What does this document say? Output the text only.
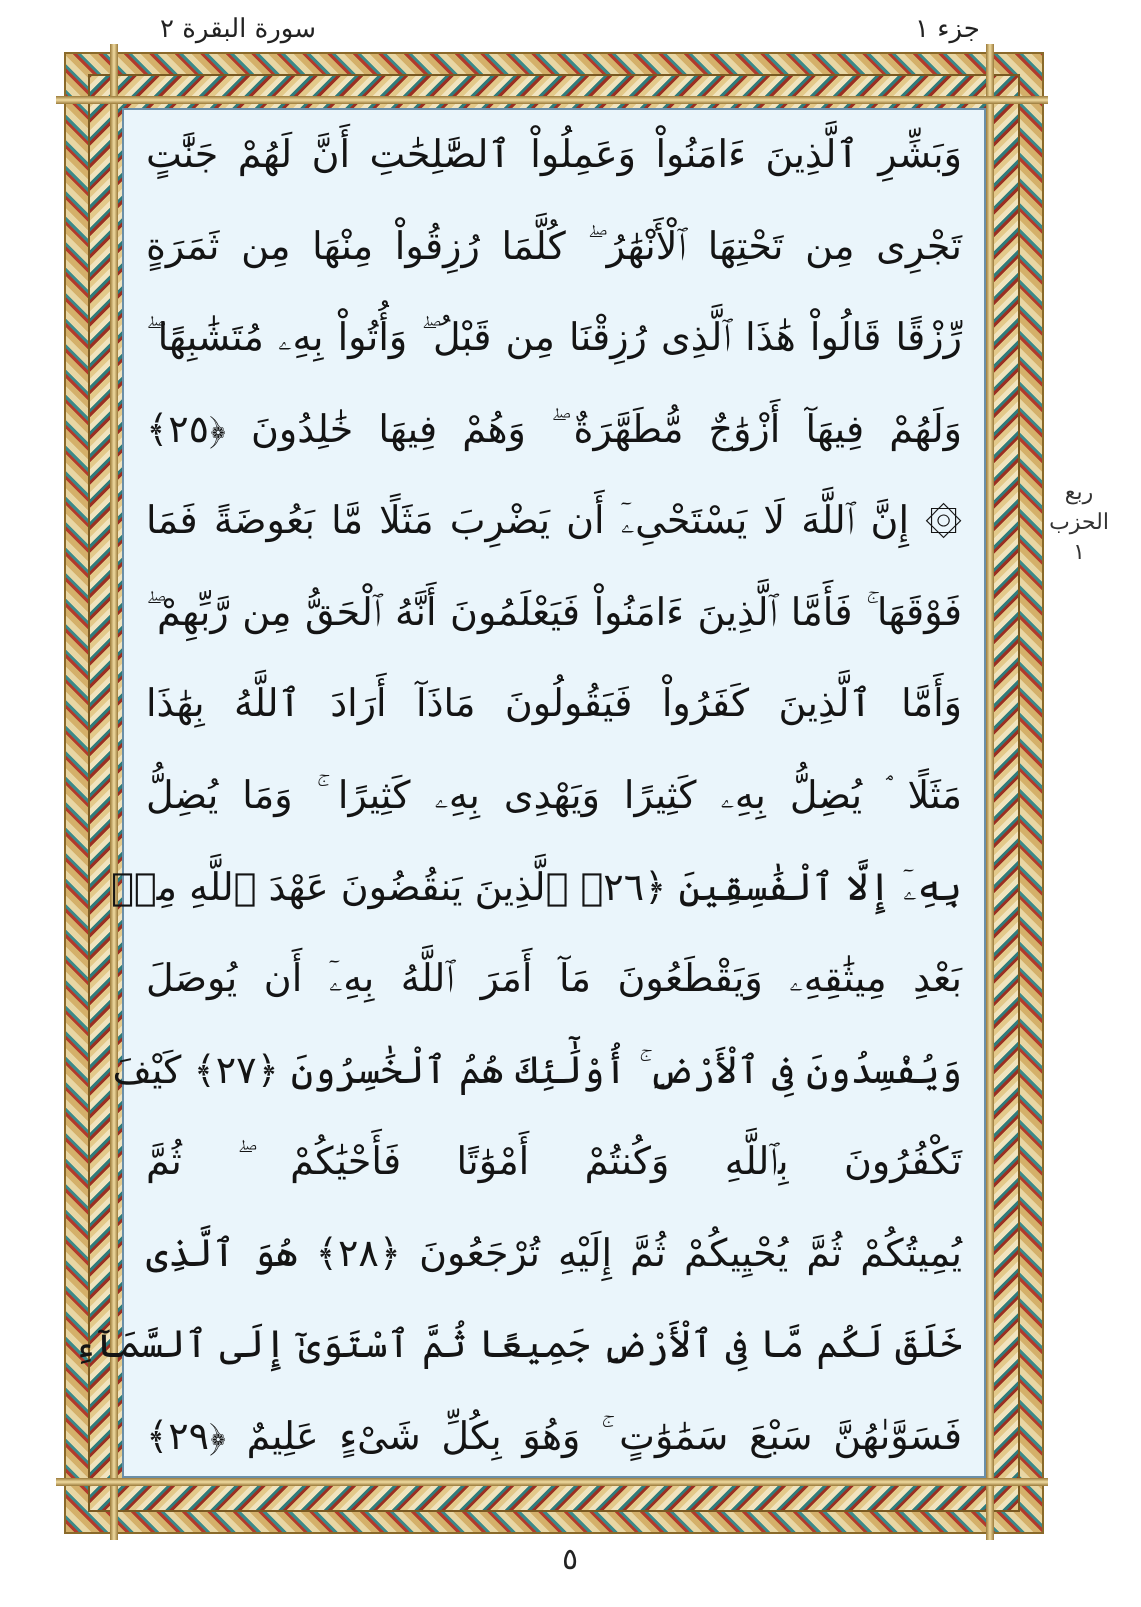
سورة البقرة ٢	جزء ١
وَبَشِّرِ ٱلَّذِينَ ءَامَنُواْ وَعَمِلُواْ ٱلصَّٰلِحَٰتِ أَنَّ لَهُمْ جَنَّٰتٍ
تَجْرِى مِن تَحْتِهَا ٱلْأَنْهَٰرُ ۖ كُلَّمَا رُزِقُواْ مِنْهَا مِن ثَمَرَةٍ
رِّزْقًا قَالُواْ هَٰذَا ٱلَّذِى رُزِقْنَا مِن قَبْلُ ۖ وَأُتُواْ بِهِۦ مُتَشَٰبِهًا ۖ
وَلَهُمْ فِيهَآ أَزْوَٰجٌ مُّطَهَّرَةٌ ۖ وَهُمْ فِيهَا خَٰلِدُونَ ﴿٢٥﴾
۞ إِنَّ ٱللَّهَ لَا يَسْتَحْىِۦٓ أَن يَضْرِبَ مَثَلًا مَّا بَعُوضَةً فَمَا
فَوْقَهَا ۚ فَأَمَّا ٱلَّذِينَ ءَامَنُواْ فَيَعْلَمُونَ أَنَّهُ ٱلْحَقُّ مِن رَّبِّهِمْ ۖ
وَأَمَّا ٱلَّذِينَ كَفَرُواْ فَيَقُولُونَ مَاذَآ أَرَادَ ٱللَّهُ بِهَٰذَا
مَثَلًا ۘ يُضِلُّ بِهِۦ كَثِيرًا وَيَهْدِى بِهِۦ كَثِيرًا ۚ وَمَا يُضِلُّ
بِهِۦٓ إِلَّا ٱلْفَٰسِقِينَ ﴿٢٦﴾ ٱلَّذِينَ يَنقُضُونَ عَهْدَ ٱللَّهِ مِنۢ
بَعْدِ مِيثَٰقِهِۦ وَيَقْطَعُونَ مَآ أَمَرَ ٱللَّهُ بِهِۦٓ أَن يُوصَلَ
وَيُفْسِدُونَ فِى ٱلْأَرْضِ ۚ أُوْلَٰٓئِكَ هُمُ ٱلْخَٰسِرُونَ ﴿٢٧﴾ كَيْفَ
تَكْفُرُونَ بِٱللَّهِ وَكُنتُمْ أَمْوَٰتًا فَأَحْيَٰكُمْ ۖ ثُمَّ
يُمِيتُكُمْ ثُمَّ يُحْيِيكُمْ ثُمَّ إِلَيْهِ تُرْجَعُونَ ﴿٢٨﴾ هُوَ ٱلَّذِى
خَلَقَ لَكُم مَّا فِى ٱلْأَرْضِ جَمِيعًا ثُمَّ ٱسْتَوَىٰٓ إِلَى ٱلسَّمَآءِ
فَسَوَّىٰهُنَّ سَبْعَ سَمَٰوَٰتٍ ۚ وَهُوَ بِكُلِّ شَىْءٍ عَلِيمٌ ﴿٢٩﴾
ربع
الحزب
١
٥
